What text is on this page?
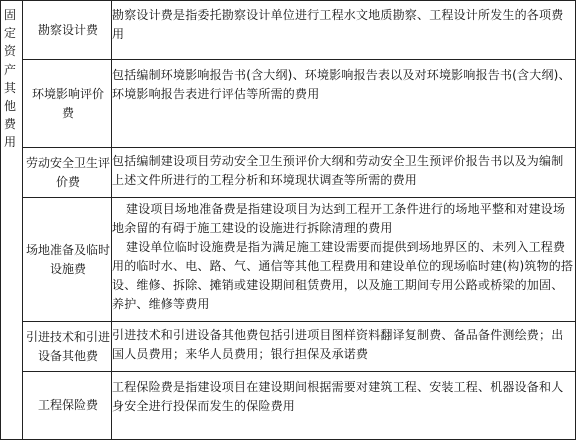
固定资产其他费用
勘察设计费

勘察设计费是指委托勘察设计单位进行工程水文地质勘察、工程设计所发生的各项费用

环境影响评价费

包括编制环境影响报告书(含大纲)、环境影响报告表以及对环境影响报告书(含大纲)、环境影响报告表进行评估等所需的费用

劳动安全卫生评价费

包括编制建设项目劳动安全卫生预评价大纲和劳动安全卫生预评价报告书以及为编制上述文件所进行的工程分析和环境现状调查等所需的费用

场地准备及临时设施费

建设项目场地准备费是指建设项目为达到工程开工条件进行的场地平整和对建设场地余留的有碍于施工建设的设施进行拆除清理的费用

建设单位临时设施费是指为满足施工建设需要而提供到场地界区的、未列入工程费用的临时水、电、路、气、通信等其他工程费用和建设单位的现场临时建(构)筑物的搭设、维修、拆除、摊销或建设期间租赁费用，以及施工期间专用公路或桥梁的加固、养护、维修等费用

引进技术和引进设备其他费

引进技术和引进设备其他费包括引进项目图样资料翻译复制费、备品备件测绘费；出国人员费用；来华人员费用；银行担保及承诺费

工程保险费

工程保险费是指建设项目在建设期间根据需要对建筑工程、安装工程、机器设备和人身安全进行投保而发生的保险费用
